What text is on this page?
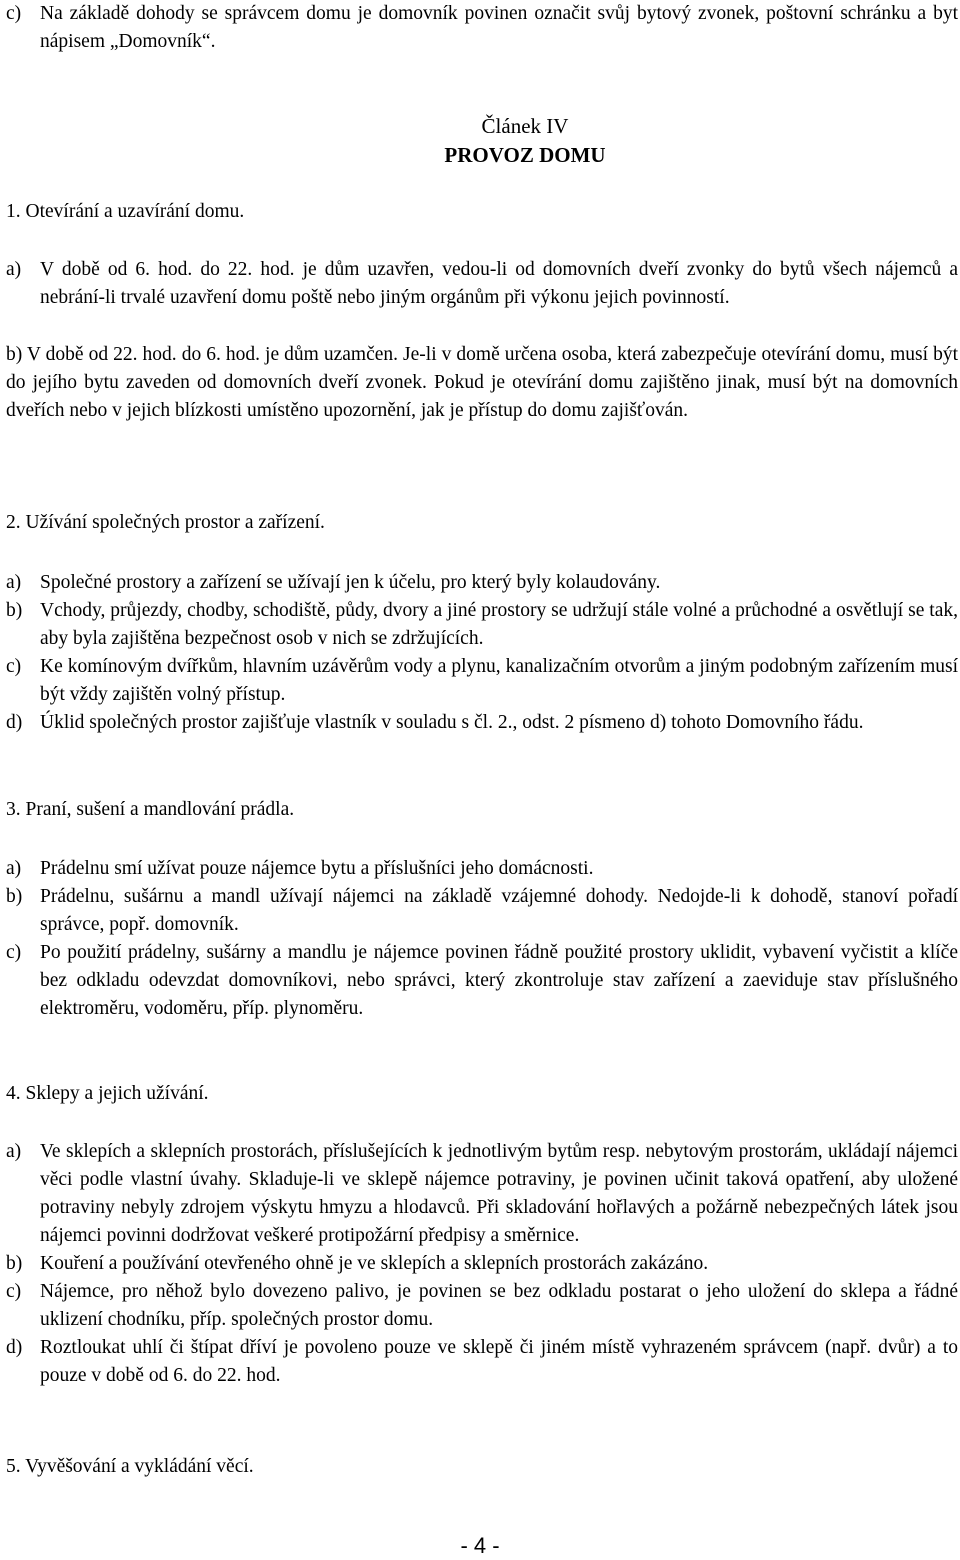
c) Na základě dohody se správcem domu je domovník povinen označit svůj bytový zvonek, poštovní schránku a byt nápisem „Domovník“.
Článek IV
PROVOZ DOMU
1. Otevírání a uzavírání domu.
a) V době od 6. hod. do 22. hod. je dům uzavřen, vedou-li od domovních dveří zvonky do bytů všech nájemců a nebrání-li trvalé uzavření domu poště nebo jiným orgánům při výkonu jejich povinností.
b) V době od 22. hod. do 6. hod. je dům uzamčen. Je-li v domě určena osoba, která zabezpečuje otevírání domu, musí být do jejího bytu zaveden od domovních dveří zvonek. Pokud je otevírání domu zajištěno jinak, musí být na domovních dveřích nebo v jejich blízkosti umístěno upozornění, jak je přístup do domu zajišťován.
2. Užívání společných prostor a zařízení.
a) Společné prostory a zařízení se užívají jen k účelu, pro který byly kolaudovány.
b) Vchody, průjezdy, chodby, schodiště, půdy, dvory a jiné prostory se udržují stále volné a průchodné a osvětlují se tak, aby byla zajištěna bezpečnost osob v nich se zdržujících.
c) Ke komínovým dvířkům, hlavním uzávěrům vody a plynu, kanalizačním otvorům a jiným podobným zařízením musí být vždy zajištěn volný přístup.
d) Úklid společných prostor zajišťuje vlastník v souladu s čl. 2., odst. 2 písmeno d) tohoto Domovního řádu.
3. Praní, sušení a mandlování prádla.
a) Prádelnu smí užívat pouze nájemce bytu a příslušníci jeho domácnosti.
b) Prádelnu, sušárnu a mandl užívají nájemci na základě vzájemné dohody. Nedojde-li k dohodě, stanoví pořadí správce, popř. domovník.
c) Po použití prádelny, sušárny a mandlu je nájemce povinen řádně použité prostory uklidit, vybavení vyčistit a klíče bez odkladu odevzdat domovníkovi, nebo správci, který zkontroluje stav zařízení a zaeviduje stav příslušného elektroměru, vodoměru, příp. plynoměru.
4. Sklepy a jejich užívání.
a) Ve sklepích a sklepních prostorách, příslušejících k jednotlivým bytům resp. nebytovým prostorám, ukládají nájemci věci podle vlastní úvahy. Skladuje-li ve sklepě nájemce potraviny, je povinen učinit taková opatření, aby uložené potraviny nebyly zdrojem výskytu hmyzu a hlodavců. Při skladování hořlavých a požárně nebezpečných látek jsou nájemci povinni dodržovat veškeré protipožární předpisy a směrnice.
b) Kouření a používání otevřeného ohně je ve sklepích a sklepních prostorách zakázáno.
c) Nájemce, pro něhož bylo dovezeno palivo, je povinen se bez odkladu postarat o jeho uložení do sklepa a řádné uklizení chodníku, příp. společných prostor domu.
d) Roztloukat uhlí či štípat dříví je povoleno pouze ve sklepě či jiném místě vyhrazeném správcem (např. dvůr) a to pouze v době od 6. do 22. hod.
5. Vyvěšování a vykládání věcí.
- 4 -
